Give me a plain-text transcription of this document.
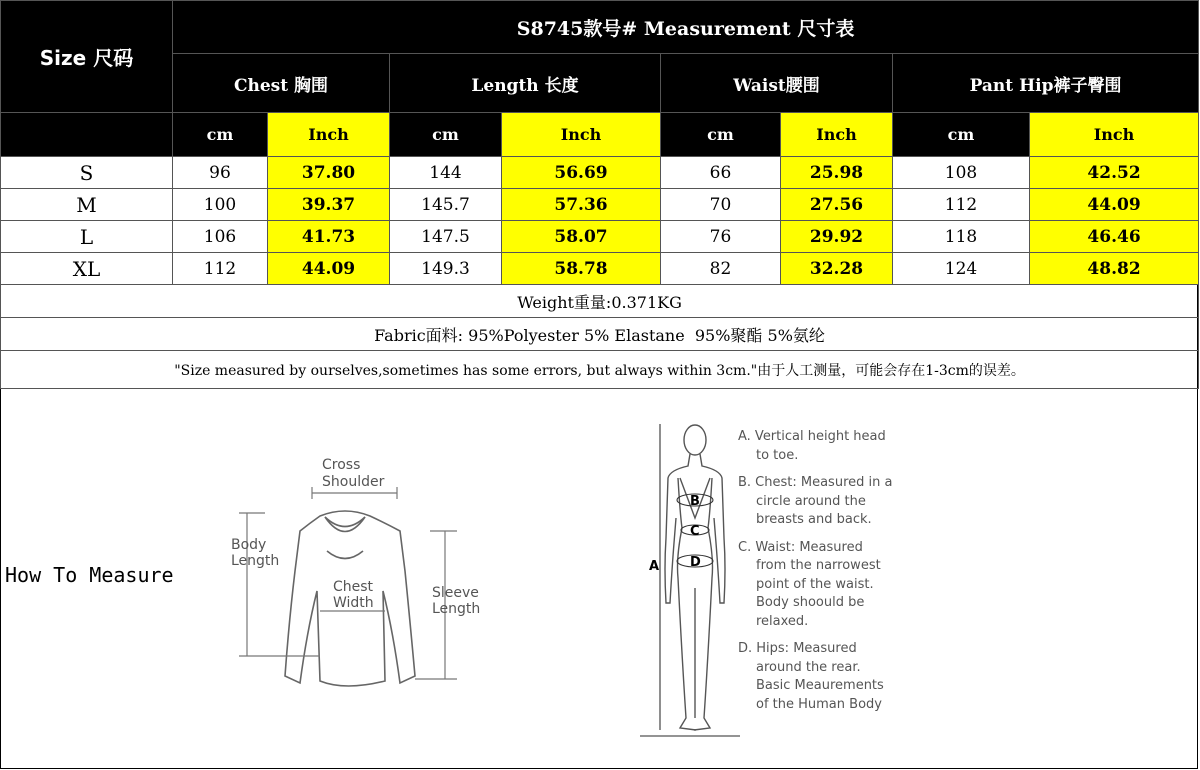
Size 尺码	S8745款号# Measurement 尺寸表							
	Chest 胸围		Length 长度		Waist腰围		Pant Hip裤子臀围	
	cm	Inch	cm	Inch	cm	Inch	cm	Inch
S	96	37.80	144	56.69	66	25.98	108	42.52
M	100	39.37	145.7	57.36	70	27.56	112	44.09
L	106	41.73	147.5	58.07	76	29.92	118	46.46
XL	112	44.09	149.3	58.78	82	32.28	124	48.82
Weight重量:0.371KG								
Fabric面料: 95%Polyester 5% Elastane  95%聚酯 5%氨纶								
"Size measured by ourselves,sometimes has some errors, but always within 3cm."由于人工测量，可能会存在1-3cm的误差。								
How To Measure
Cross
Shoulder
Body
Length
Chest
Width
Sleeve
Length
A
B
C
D
A. Vertical height head
to toe.
B. Chest: Measured in a
circle around the
breasts and back.
C. Waist: Measured
from the narrowest
point of the waist.
Body shoould be
relaxed.
D. Hips: Measured
around the rear.
Basic Meaurements
of the Human Body
